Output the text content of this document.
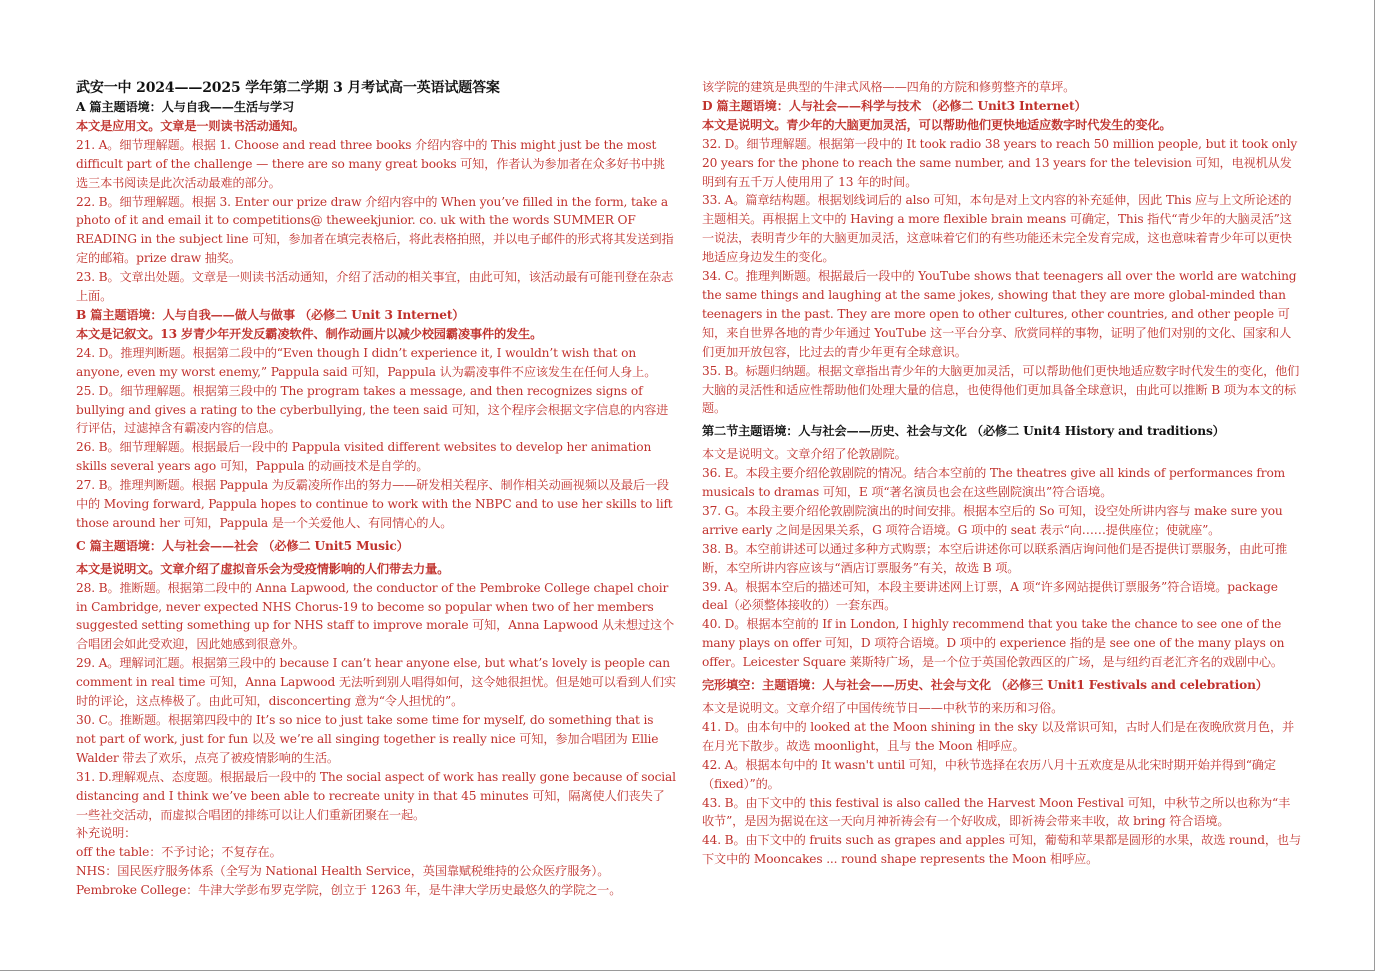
武安一中 2024——2025 学年第二学期 3 月考试高一英语试题答案

A 篇主题语境：人与自我——生活与学习

本文是应用文。文章是一则读书活动通知。

21. A。细节理解题。根据 1. Choose and read three books 介绍内容中的 This might just be the most difficult part of the challenge — there are so many great books 可知，作者认为参加者在众多好书中挑选三本书阅读是此次活动最难的部分。

22. B。细节理解题。根据 3. Enter our prize draw 介绍内容中的 When you’ve filled in the form, take a photo of it and email it to competitions@ theweekjunior. co. uk with the words SUMMER OF READING in the subject line 可知，参加者在填完表格后，将此表格拍照，并以电子邮件的形式将其发送到指定的邮箱。prize draw 抽奖。

23. B。文章出处题。文章是一则读书活动通知，介绍了活动的相关事宜，由此可知，该活动最有可能刊登在杂志上面。

B 篇主题语境：人与自我——做人与做事 （必修二 Unit 3 Internet）

本文是记叙文。13 岁青少年开发反霸凌软件、制作动画片以减少校园霸凌事件的发生。

24. D。推理判断题。根据第二段中的“Even though I didn’t experience it, I wouldn’t wish that on anyone, even my worst enemy,” Pappula said 可知，Pappula 认为霸凌事件不应该发生在任何人身上。

25. D。细节理解题。根据第三段中的 The program takes a message, and then recognizes signs of bullying and gives a rating to the cyberbullying, the teen said 可知，这个程序会根据文字信息的内容进行评估，过滤掉含有霸凌内容的信息。

26. B。细节理解题。根据最后一段中的 Pappula visited different websites to develop her animation skills several years ago 可知，Pappula 的动画技术是自学的。

27. B。推理判断题。根据 Pappula 为反霸凌所作出的努力——研发相关程序、制作相关动画视频以及最后一段中的 Moving forward, Pappula hopes to continue to work with the NBPC and to use her skills to lift those around her 可知，Pappula 是一个关爱他人、有同情心的人。

C 篇主题语境：人与社会——社会 （必修二 Unit5 Music）

本文是说明文。文章介绍了虚拟音乐会为受疫情影响的人们带去力量。

28. B。推断题。根据第二段中的 Anna Lapwood, the conductor of the Pembroke College chapel choir in Cambridge, never expected NHS Chorus-19 to become so popular when two of her members suggested setting something up for NHS staff to improve morale 可知，Anna Lapwood 从未想过这个合唱团会如此受欢迎，因此她感到很意外。

29. A。理解词汇题。根据第三段中的 because I can’t hear anyone else, but what’s lovely is people can comment in real time 可知，Anna Lapwood 无法听到别人唱得如何，这令她很担忧。但是她可以看到人们实时的评论，这点棒极了。由此可知，disconcerting 意为“令人担忧的”。

30. C。推断题。根据第四段中的 It’s so nice to just take some time for myself, do something that is not part of work, just for fun 以及 we’re all singing together is really nice 可知，参加合唱团为 Ellie Walder 带去了欢乐，点亮了被疫情影响的生活。

31. D.理解观点、态度题。根据最后一段中的 The social aspect of work has really gone because of social distancing and I think we’ve been able to recreate unity in that 45 minutes 可知，隔离使人们丧失了一些社交活动，而虚拟合唱团的排练可以让人们重新团聚在一起。

补充说明：

off the table：不予讨论；不复存在。

NHS：国民医疗服务体系（全写为 National Health Service，英国靠赋税维持的公众医疗服务）。

Pembroke College：牛津大学彭布罗克学院，创立于 1263 年，是牛津大学历史最悠久的学院之一。

该学院的建筑是典型的牛津式风格——四角的方院和修剪整齐的草坪。

D 篇主题语境：人与社会——科学与技术 （必修二 Unit3 Internet）

本文是说明文。青少年的大脑更加灵活，可以帮助他们更快地适应数字时代发生的变化。

32. D。细节理解题。根据第一段中的 It took radio 38 years to reach 50 million people, but it took only 20 years for the phone to reach the same number, and 13 years for the television 可知，电视机从发明到有五千万人使用用了 13 年的时间。

33. A。篇章结构题。根据划线词后的 also 可知，本句是对上文内容的补充延伸，因此 This 应与上文所论述的主题相关。再根据上文中的 Having a more flexible brain means 可确定，This 指代“青少年的大脑灵活”这一说法，表明青少年的大脑更加灵活，这意味着它们的有些功能还未完全发育完成，这也意味着青少年可以更快地适应身边发生的变化。

34. C。推理判断题。根据最后一段中的 YouTube shows that teenagers all over the world are watching the same things and laughing at the same jokes, showing that they are more global-minded than teenagers in the past. They are more open to other cultures, other countries, and other people 可知，来自世界各地的青少年通过 YouTube 这一平台分享、欣赏同样的事物，证明了他们对别的文化、国家和人们更加开放包容，比过去的青少年更有全球意识。

35. B。标题归纳题。根据文章指出青少年的大脑更加灵活，可以帮助他们更快地适应数字时代发生的变化，他们大脑的灵活性和适应性帮助他们处理大量的信息，也使得他们更加具备全球意识，由此可以推断 B 项为本文的标题。

第二节主题语境：人与社会——历史、社会与文化 （必修二 Unit4 History and traditions）

本文是说明文。文章介绍了伦敦剧院。

36. E。本段主要介绍伦敦剧院的情况。结合本空前的 The theatres give all kinds of performances from musicals to dramas 可知，E 项“著名演员也会在这些剧院演出”符合语境。

37. G。本段主要介绍伦敦剧院演出的时间安排。根据本空后的 So 可知，设空处所讲内容与 make sure you arrive early 之间是因果关系，G 项符合语境。G 项中的 seat 表示“向……提供座位；使就座”。

38. B。本空前讲述可以通过多种方式购票；本空后讲述你可以联系酒店询问他们是否提供订票服务，由此可推断，本空所讲内容应该与“酒店订票服务”有关，故选 B 项。

39. A。根据本空后的描述可知，本段主要讲述网上订票，A 项“许多网站提供订票服务”符合语境。package deal（必须整体接收的）一套东西。

40. D。根据本空前的 If in London, I highly recommend that you take the chance to see one of the many plays on offer 可知，D 项符合语境。D 项中的 experience 指的是 see one of the many plays on offer。Leicester Square 莱斯特广场，是一个位于英国伦敦西区的广场，是与纽约百老汇齐名的戏剧中心。

完形填空：主题语境：人与社会——历史、社会与文化 （必修三 Unit1 Festivals and celebration）

本文是说明文。文章介绍了中国传统节日——中秋节的来历和习俗。

41. D。由本句中的 looked at the Moon shining in the sky 以及常识可知，古时人们是在夜晚欣赏月色，并在月光下散步。故选 moonlight，且与 the Moon 相呼应。

42. A。根据本句中的 It wasn't until 可知，中秋节选择在农历八月十五欢度是从北宋时期开始并得到“确定（fixed）”的。

43. B。由下文中的 this festival is also called the Harvest Moon Festival 可知，中秋节之所以也称为“丰收节”，是因为据说在这一天向月神祈祷会有一个好收成，即祈祷会带来丰收，故 bring 符合语境。

44. B。由下文中的 fruits such as grapes and apples 可知，葡萄和苹果都是圆形的水果，故选 round，也与下文中的 Mooncakes ... round shape represents the Moon 相呼应。
